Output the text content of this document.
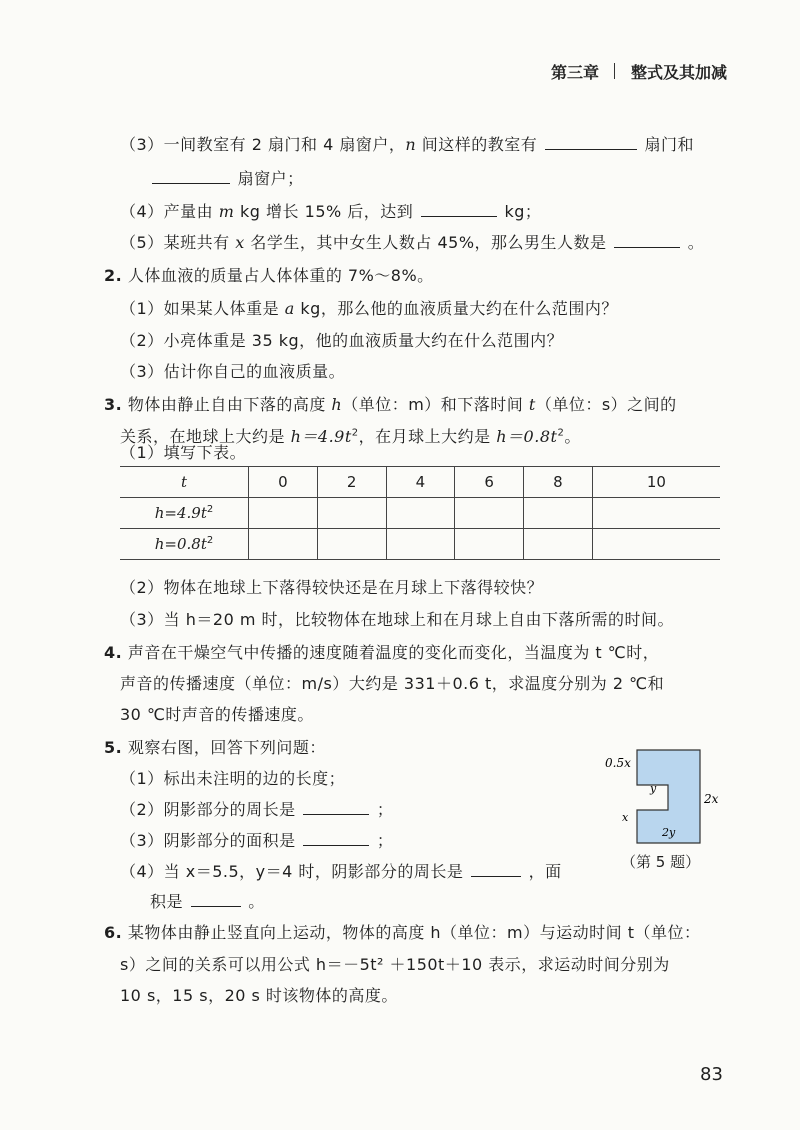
第三章 整式及其加减
（3）一间教室有 2 扇门和 4 扇窗户，n 间这样的教室有	扇门和
扇窗户；
（4）产量由 m kg 增长 15% 后，达到	kg；
（5）某班共有 x 名学生，其中女生人数占 45%，那么男生人数是	。
2. 人体血液的质量占人体体重的 7%～8%。
（1）如果某人体重是 a kg，那么他的血液质量大约在什么范围内？
（2）小亮体重是 35 kg，他的血液质量大约在什么范围内？
（3）估计你自己的血液质量。
3. 物体由静止自由下落的高度 h（单位：m）和下落时间 t（单位：s）之间的
关系，在地球上大约是 $h=4.9t^2$，在月球上大约是 $h=0.8t^2$。
（1）填写下表。
t	0	2	4	6	8	10
$h=4.9t^2$						
$h=0.8t^2$						
（2）物体在地球上下落得较快还是在月球上下落得较快？
（3）当 h＝20 m 时，比较物体在地球上和在月球上自由下落所需的时间。
4. 声音在干燥空气中传播的速度随着温度的变化而变化，当温度为 t ℃时，
声音的传播速度（单位：m/s）大约是 331＋0.6 t，求温度分别为 2 ℃和
30 ℃时声音的传播速度。
5. 观察右图，回答下列问题：
（1）标出未注明的边的长度；
（2）阴影部分的周长是	；
（3）阴影部分的面积是	；
（4）当 x＝5.5，y＝4 时，阴影部分的周长是	，面
积是	。
0.5x
2x
y
x
2y
（第 5 题）
6. 某物体由静止竖直向上运动，物体的高度 h（单位：m）与运动时间 t（单位：
s）之间的关系可以用公式 h＝－5t² ＋150t＋10 表示，求运动时间分别为
10 s，15 s，20 s 时该物体的高度。
83
